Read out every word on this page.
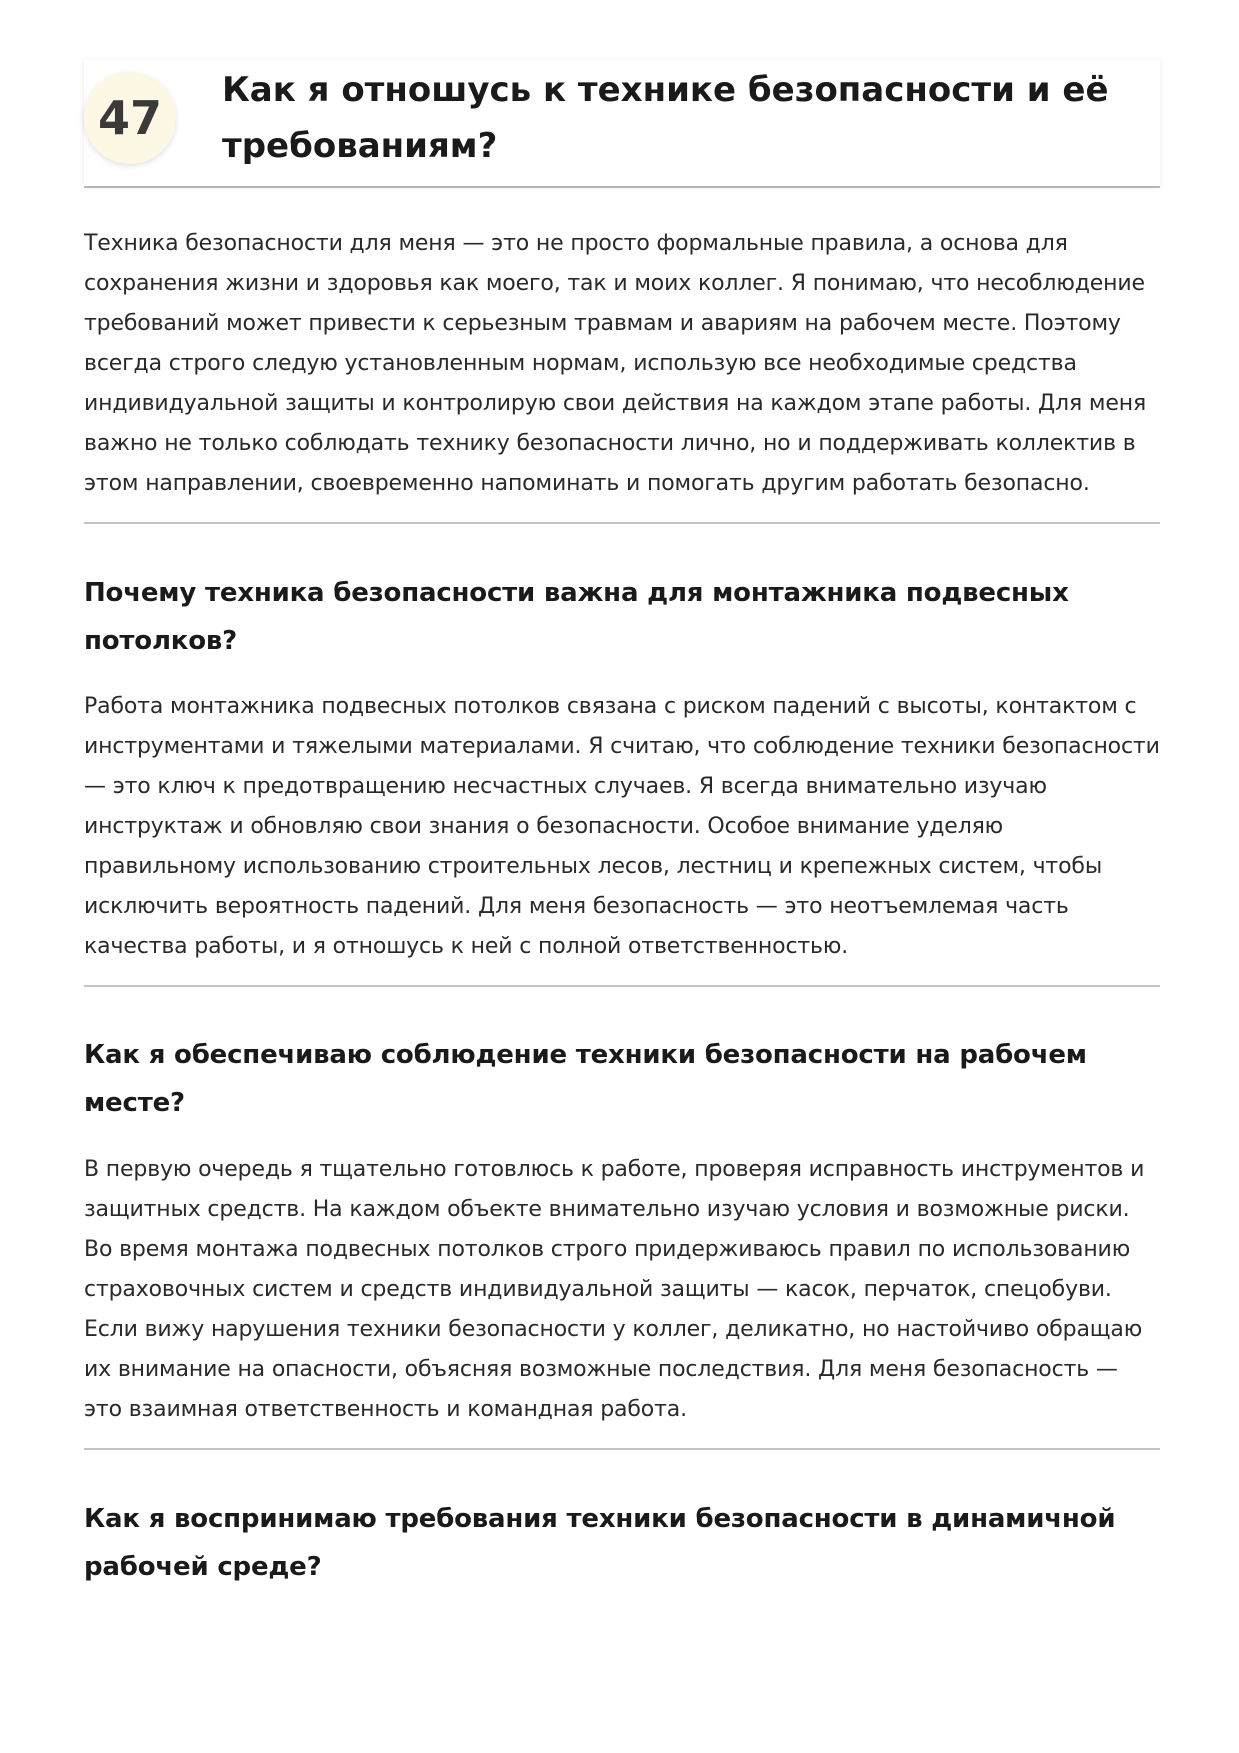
47
Как я отношусь к технике безопасности и её требованиям?

Техника безопасности для меня — это не просто формальные правила, а основа для сохранения жизни и здоровья как моего, так и моих коллег. Я понимаю, что несоблюдение требований может привести к серьезным травмам и авариям на рабочем месте. Поэтому всегда строго следую установленным нормам, использую все необходимые средства индивидуальной защиты и контролирую свои действия на каждом этапе работы. Для меня важно не только соблюдать технику безопасности лично, но и поддерживать коллектив в этом направлении, своевременно напоминать и помогать другим работать безопасно.

Почему техника безопасности важна для монтажника подвесных потолков?

Работа монтажника подвесных потолков связана с риском падений с высоты, контактом с инструментами и тяжелыми материалами. Я считаю, что соблюдение техники безопасности — это ключ к предотвращению несчастных случаев. Я всегда внимательно изучаю инструктаж и обновляю свои знания о безопасности. Особое внимание уделяю правильному использованию строительных лесов, лестниц и крепежных систем, чтобы исключить вероятность падений. Для меня безопасность — это неотъемлемая часть качества работы, и я отношусь к ней с полной ответственностью.

Как я обеспечиваю соблюдение техники безопасности на рабочем месте?

В первую очередь я тщательно готовлюсь к работе, проверяя исправность инструментов и защитных средств. На каждом объекте внимательно изучаю условия и возможные риски. Во время монтажа подвесных потолков строго придерживаюсь правил по использованию страховочных систем и средств индивидуальной защиты — касок, перчаток, спецобуви. Если вижу нарушения техники безопасности у коллег, деликатно, но настойчиво обращаю их внимание на опасности, объясняя возможные последствия. Для меня безопасность — это взаимная ответственность и командная работа.

Как я воспринимаю требования техники безопасности в динамичной рабочей среде?
